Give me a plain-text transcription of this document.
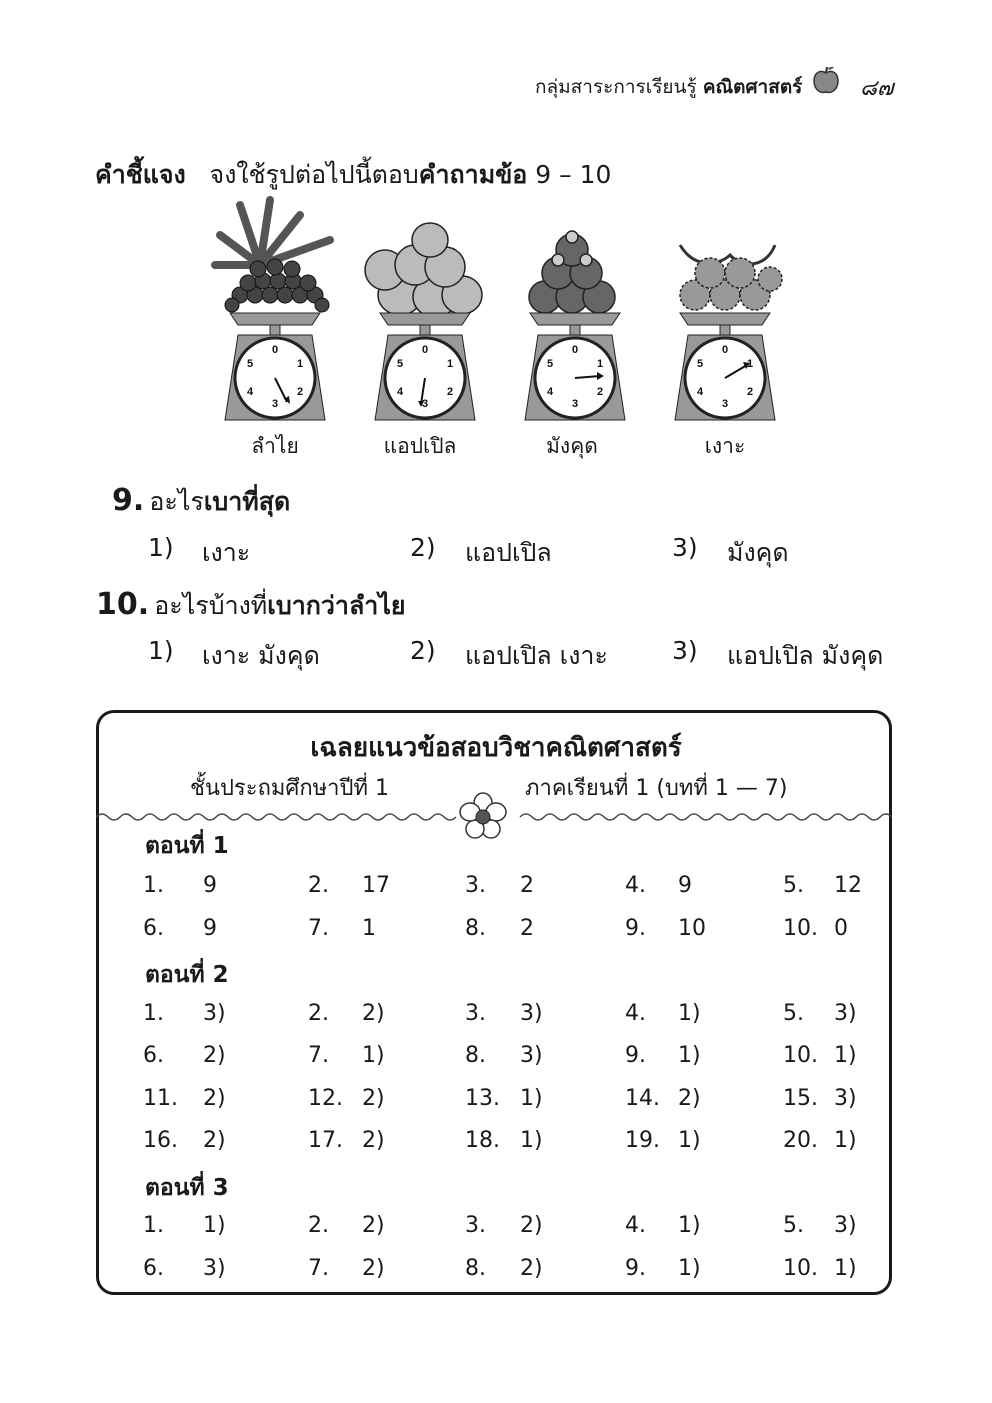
กลุ่มสาระการเรียนรู้ คณิตศาสตร์	๘๗
คำชี้แจง จงใช้รูปต่อไปนี้ตอบคำถามข้อ 9 – 10
0
1
2
3
4
5
0
1
2
3
4
5
0
1
2
3
4
5
0
1
2
3
4
5
ลำไย	แอปเปิล	มังคุด	เงาะ
9. อะไรเบาที่สุด
1) เงาะ	2) แอปเปิล	3) มังคุด
10. อะไรบ้างที่เบากว่าลำไย
1) เงาะ มังคุด	2) แอปเปิล เงาะ	3) แอปเปิล มังคุด
เฉลยแนวข้อสอบวิชาคณิตศาสตร์
ชั้นประถมศึกษาปีที่ 1	ภาคเรียนที่ 1 (บทที่ 1 — 7)
ตอนที่ 1
1. 9	2. 17	3. 2	4. 9	5. 12
6. 9	7. 1	8. 2	9. 10	10. 0
ตอนที่ 2
1. 3)	2. 2)	3. 3)	4. 1)	5. 3)
6. 2)	7. 1)	8. 3)	9. 1)	10. 1)
11. 2)	12. 2)	13. 1)	14. 2)	15. 3)
16. 2)	17. 2)	18. 1)	19. 1)	20. 1)
ตอนที่ 3
1. 1)	2. 2)	3. 2)	4. 1)	5. 3)
6. 3)	7. 2)	8. 2)	9. 1)	10. 1)
